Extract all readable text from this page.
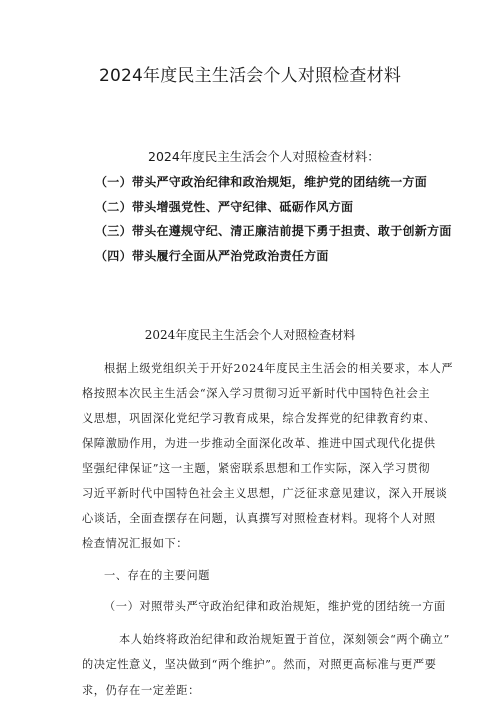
2024年度民主生活会个人对照检查材料
2024年度民主生活会个人对照检查材料：
（一）带头严守政治纪律和政治规矩，维护党的团结统一方面
（二）带头增强党性、严守纪律、砥砺作风方面
（三）带头在遵规守纪、清正廉洁前提下勇于担责、敢于创新方面
（四）带头履行全面从严治党政治责任方面
2024年度民主生活会个人对照检查材料
根据上级党组织关于开好2024年度民主生活会的相关要求，本人严
格按照本次民主生活会“深入学习贯彻习近平新时代中国特色社会主
义思想，巩固深化党纪学习教育成果，综合发挥党的纪律教育约束、
保障激励作用，为进一步推动全面深化改革、推进中国式现代化提供
坚强纪律保证”这一主题，紧密联系思想和工作实际，深入学习贯彻
习近平新时代中国特色社会主义思想，广泛征求意见建议，深入开展谈
心谈话，全面查摆存在问题，认真撰写对照检查材料。现将个人对照
检查情况汇报如下：
一、存在的主要问题
（一）对照带头严守政治纪律和政治规矩，维护党的团结统一方面
本人始终将政治纪律和政治规矩置于首位，深刻领会“两个确立”
的决定性意义，坚决做到“两个维护”。然而，对照更高标准与更严要
求，仍存在一定差距：
